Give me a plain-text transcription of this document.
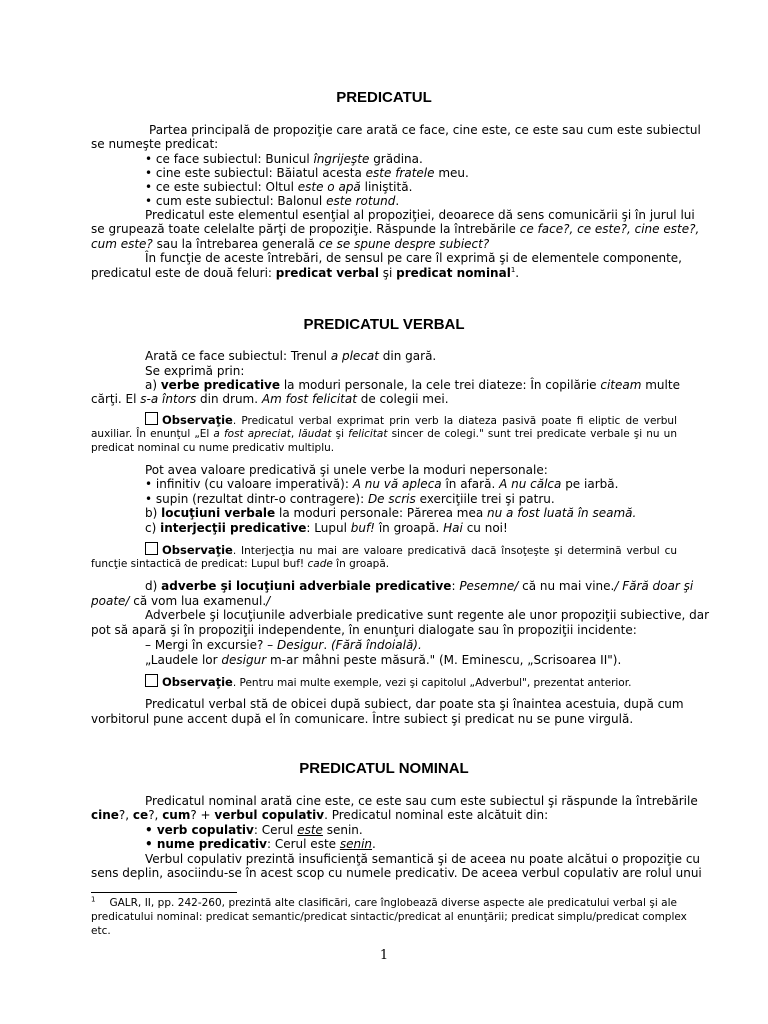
PREDICATUL
Partea principală de propoziţie care arată ce face, cine este, ce este sau cum este subiectul
se numeşte predicat:
• ce face subiectul: Bunicul îngrijeşte grădina.
• cine este subiectul: Băiatul acesta este fratele meu.
• ce este subiectul: Oltul este o apă liniştită.
• cum este subiectul: Balonul este rotund.
Predicatul este elementul esenţial al propoziţiei, deoarece dă sens comunicării şi în jurul lui
se grupează toate celelalte părţi de propoziţie. Răspunde la întrebările ce face?, ce este?, cine este?,
cum este? sau la întrebarea generală ce se spune despre subiect?
În funcţie de aceste întrebări, de sensul pe care îl exprimă şi de elementele componente,
predicatul este de două feluri: predicat verbal şi predicat nominal$^1$.
PREDICATUL VERBAL
Arată ce face subiectul: Trenul a plecat din gară.
Se exprimă prin:
a) verbe predicative la moduri personale, la cele trei diateze: În copilărie citeam multe
cărţi. El s-a întors din drum. Am fost felicitat de colegii mei.
Observaţie. Predicatul verbal exprimat prin verb la diateza pasivă poate fi eliptic de verbul
auxiliar. În enunţul „El a fost apreciat, lăudat şi felicitat sincer de colegi." sunt trei predicate verbale şi nu un
predicat nominal cu nume predicativ multiplu.
Pot avea valoare predicativă şi unele verbe la moduri nepersonale:
• infinitiv (cu valoare imperativă): A nu vă apleca în afară. A nu călca pe iarbă.
• supin (rezultat dintr-o contragere): De scris exerciţiile trei şi patru.
b) locuţiuni verbale la moduri personale: Părerea mea nu a fost luată în seamă.
c) interjecţii predicative: Lupul buf! în groapă. Hai cu noi!
Observaţie. Interjecţia nu mai are valoare predicativă dacă însoţeşte şi determină verbul cu
funcţie sintactică de predicat: Lupul buf! cade în groapă.
d) adverbe şi locuţiuni adverbiale predicative: Pesemne/ că nu mai vine./ Fără doar şi
poate/ că vom lua examenul./
Adverbele şi locuţiunile adverbiale predicative sunt regente ale unor propoziţii subiective, dar
pot să apară şi în propoziţii independente, în enunţuri dialogate sau în propoziţii incidente:
– Mergi în excursie? – Desigur. (Fără îndoială).
„Laudele lor desigur m-ar mâhni peste măsură." (M. Eminescu, „Scrisoarea II").
Observaţie. Pentru mai multe exemple, vezi şi capitolul „Adverbul", prezentat anterior.
Predicatul verbal stă de obicei după subiect, dar poate sta şi înaintea acestuia, după cum
vorbitorul pune accent după el în comunicare. Între subiect şi predicat nu se pune virgulă.
PREDICATUL NOMINAL
Predicatul nominal arată cine este, ce este sau cum este subiectul şi răspunde la întrebările
cine?, ce?, cum? + verbul copulativ. Predicatul nominal este alcătuit din:
• verb copulativ: Cerul este senin.
• nume predicativ: Cerul este senin.
Verbul copulativ prezintă insuficienţă semantică şi de aceea nu poate alcătui o propoziţie cu
sens deplin, asociindu-se în acest scop cu numele predicativ. De aceea verbul copulativ are rolul unui
$^1$ GALR, II, pp. 242-260, prezintă alte clasificări, care înglobează diverse aspecte ale predicatului verbal şi ale
predicatului nominal: predicat semantic/predicat sintactic/predicat al enunţării; predicat simplu/predicat complex
etc.
1
